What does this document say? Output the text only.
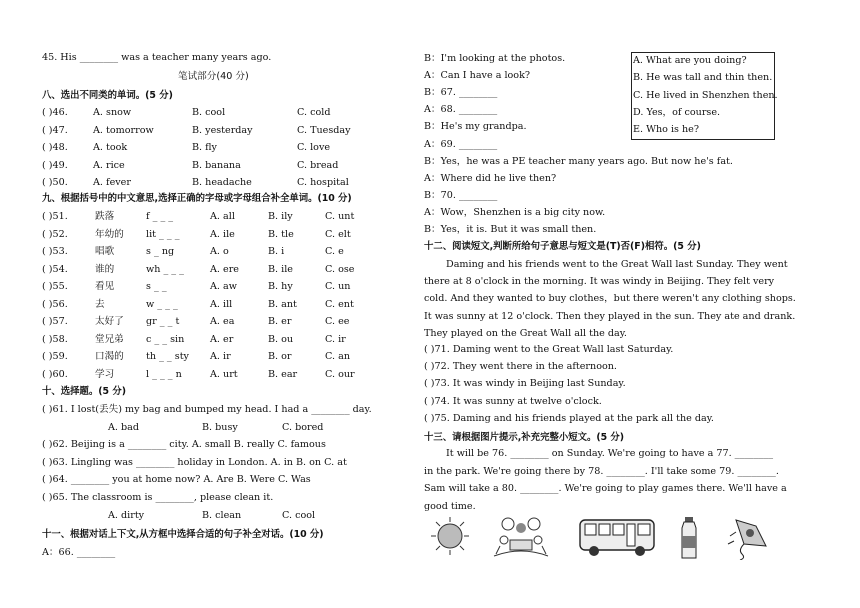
45. His ________ was a teacher many years ago.
笔试部分(40 分)
八、选出不同类的单词。(5 分)
( )46.	A. snow	B. cool	C. cold
( )47.	A. tomorrow	B. yesterday	C. Tuesday
( )48.	A. took	B. fly	C. love
( )49.	A. rice	B. banana	C. bread
( )50.	A. fever	B. headache	C. hospital
九、根据括号中的中文意思,选择正确的字母或字母组合补全单词。(10 分)
( )51.	跌落	f _ _ _	A. all	B. ily	C. unt
( )52.	年幼的 lit _ _ _	A. ile	B. tle	C. elt
( )53.	唱歌	s _ ng	A. o	B. i	C. e
( )54.	谁的	wh _ _ _	A. ere	B. ile	C. ose
( )55.	看见	s _ _	A. aw	B. hy	C. un
( )56.	去	w _ _ _	A. ill	B. ant	C. ent
( )57.	太好了 gr _ _ t	A. ea	B. er	C. ee
( )58.	堂兄弟 c _ _ sin	A. er	B. ou	C. ir
( )59.	口渴的 th _ _ sty A. ir	B. or	C. an
( )60.	学习	l _ _ _ n	A. urt	B. ear	C. our
十、选择题。(5 分)
( )61. I lost(丢失) my bag and bumped my head. I had a ________ day.
A. bad	B. busy	C. bored
( )62. Beijing is a ________ city. A. small B. really C. famous
( )63. Lingling was ________ holiday in London. A. in B. on C. at
( )64. ________ you at home now? A. Are B. Were C. Was
( )65. The classroom is ________, please clean it.
A. dirty	B. clean	C. cool
十一、根据对话上下文,从方框中选择合适的句子补全对话。(10 分)
A：66. ________
B：I'm looking at the photos.
A：Can I have a look?
B：67. ________
A：68. ________
B：He's my grandpa.
A：69. ________
B：Yes，he was a PE teacher many years ago. But now he's fat.
A：Where did he live then?
B：70. ________
A：Wow，Shenzhen is a big city now.
B：Yes，it is. But it was small then.
A. What are you doing?
B. He was tall and thin then.
C. He lived in Shenzhen then.
D. Yes，of course.
E. Who is he?
十二、阅读短文,判断所给句子意思与短文是(T)否(F)相符。(5 分)
Daming and his friends went to the Great Wall last Sunday. They went
there at 8 o'clock in the morning. It was windy in Beijing. They felt very
cold. And they wanted to buy clothes，but there weren't any clothing shops.
It was sunny at 12 o'clock. Then they played in the sun. They ate and drank.
They played on the Great Wall all the day.
( )71. Daming went to the Great Wall last Saturday.
( )72. They went there in the afternoon.
( )73. It was windy in Beijing last Sunday.
( )74. It was sunny at twelve o'clock.
( )75. Daming and his friends played at the park all the day.
十三、请根据图片提示,补充完整小短文。(5 分)
It will be 76. ________ on Sunday. We're going to have a 77. ________
in the park. We're going there by 78. ________. I'll take some 79. ________.
Sam will take a 80. ________. We're going to play games there. We'll have a
good time.
